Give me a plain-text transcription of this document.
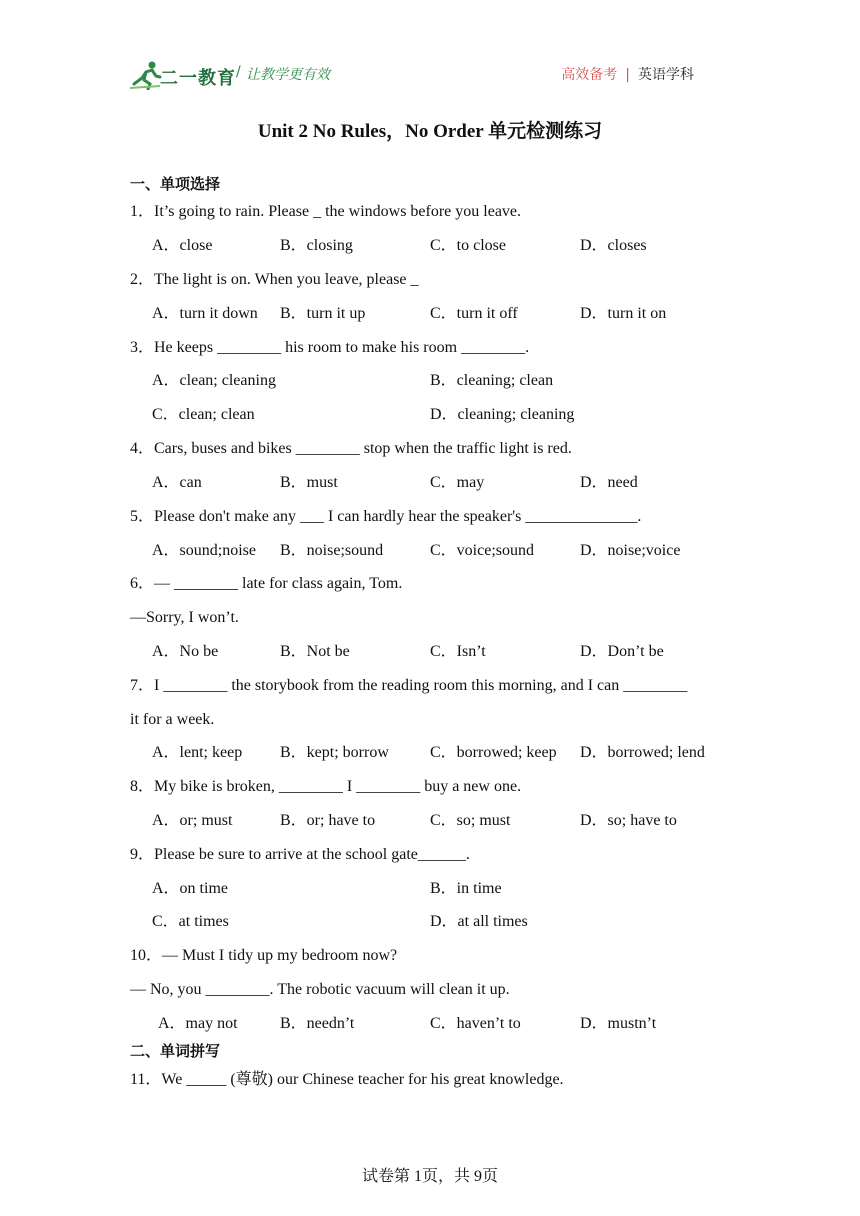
二一教育 / 让教学更有效	高效备考 | 英语学科
Unit 2 No Rules，No Order 单元检测练习
一、单项选择
1．It’s going to rain. Please _ the windows before you leave.
A．close	B．closing	C．to close	D．closes
2．The light is on. When you leave, please _
A．turn it down B．turn it up	C．turn it off	D．turn it on
3．He keeps ________ his room to make his room ________.
A．clean; cleaning	B．cleaning; clean
C．clean; clean	D．cleaning; cleaning
4．Cars, buses and bikes ________ stop when the traffic light is red.
A．can	B．must	C．may	D．need
5．Please don't make any ___ I can hardly hear the speaker's ______________.
A．sound;noise B．noise;sound	C．voice;sound	D．noise;voice
6．— ________ late for class again, Tom.
—Sorry, I won’t.
A．No be	B．Not be	C．Isn’t	D．Don’t be
7．I ________ the storybook from the reading room this morning, and I can ________
it for a week.
A．lent; keep B．kept; borrow	C．borrowed; keep D．borrowed; lend
8．My bike is broken, ________ I ________ buy a new one.
A．or; must	B．or; have to	C．so; must	D．so; have to
9．Please be sure to arrive at the school gate______.
A．on time	B．in time
C．at times	D．at all times
10．— Must I tidy up my bedroom now?
— No, you ________. The robotic vacuum will clean it up.
A．may not	B．needn’t	C．haven’t to	D．mustn’t
二、单词拼写
11．We _____ (尊敬) our Chinese teacher for his great knowledge.
试卷第 1页，共 9页
